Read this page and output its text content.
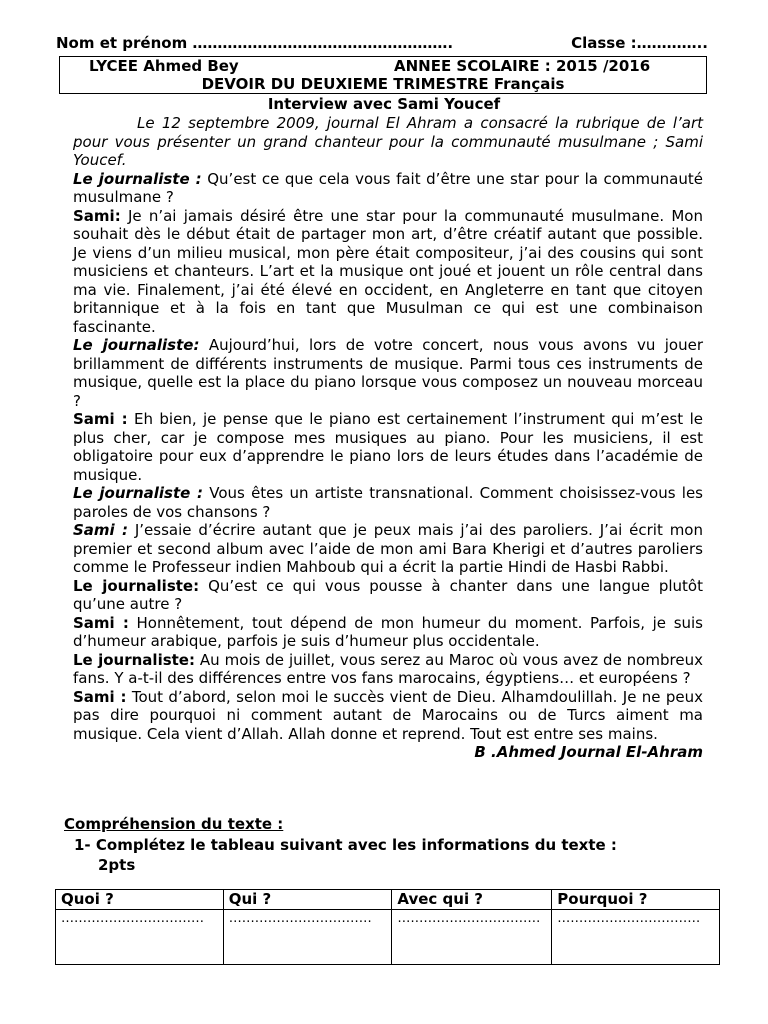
Nom et prénom …………………………………………….	Classe :…………..
LYCEE Ahmed Bey	ANNEE SCOLAIRE : 2015 /2016
DEVOIR DU DEUXIEME TRIMESTRE Français
Interview avec Sami Youcef

Le 12 septembre 2009, journal El Ahram a consacré la rubrique de l’art pour vous présenter un grand chanteur pour la communauté musulmane ; Sami Youcef.

Le journaliste : Qu’est ce que cela vous fait d’être une star pour la communauté musulmane ?

Sami: Je n’ai jamais désiré être une star pour la communauté musulmane. Mon souhait dès le début était de partager mon art, d’être créatif autant que possible. Je viens d’un milieu musical, mon père était compositeur, j’ai des cousins qui sont musiciens et chanteurs. L’art et la musique ont joué et jouent un rôle central dans ma vie. Finalement, j’ai été élevé en occident, en Angleterre en tant que citoyen britannique et à la fois en tant que Musulman ce qui est une combinaison fascinante.

Le journaliste: Aujourd’hui, lors de votre concert, nous vous avons vu jouer brillamment de différents instruments de musique. Parmi tous ces instruments de musique, quelle est la place du piano lorsque vous composez un nouveau morceau ?

Sami : Eh bien, je pense que le piano est certainement l’instrument qui m’est le plus cher, car je compose mes musiques au piano. Pour les musiciens, il est obligatoire pour eux d’apprendre le piano lors de leurs études dans l’académie de musique.

Le journaliste : Vous êtes un artiste transnational. Comment choisissez-vous les paroles de vos chansons ?

Sami : J’essaie d’écrire autant que je peux mais j’ai des paroliers. J’ai écrit mon premier et second album avec l’aide de mon ami Bara Kherigi et d’autres paroliers comme le Professeur indien Mahboub qui a écrit la partie Hindi de Hasbi Rabbi.

Le journaliste: Qu’est ce qui vous pousse à chanter dans une langue plutôt qu’une autre ?

Sami : Honnêtement, tout dépend de mon humeur du moment. Parfois, je suis d’humeur arabique, parfois je suis d’humeur plus occidentale.

Le journaliste: Au mois de juillet, vous serez au Maroc où vous avez de nombreux fans. Y a-t-il des différences entre vos fans marocains, égyptiens… et européens ?

Sami : Tout d’abord, selon moi le succès vient de Dieu. Alhamdoulillah. Je ne peux pas dire pourquoi ni comment autant de Marocains ou de Turcs aiment ma musique. Cela vient d’Allah. Allah donne et reprend. Tout est entre ses mains.

B .Ahmed Journal El-Ahram

Compréhension du texte :
1- Complétez le tableau suivant avec les informations du texte :
2pts
Quoi ?	Qui ?	Avec qui ?	Pourquoi ?
……………………………	……………………………	……………………………	……………………………
